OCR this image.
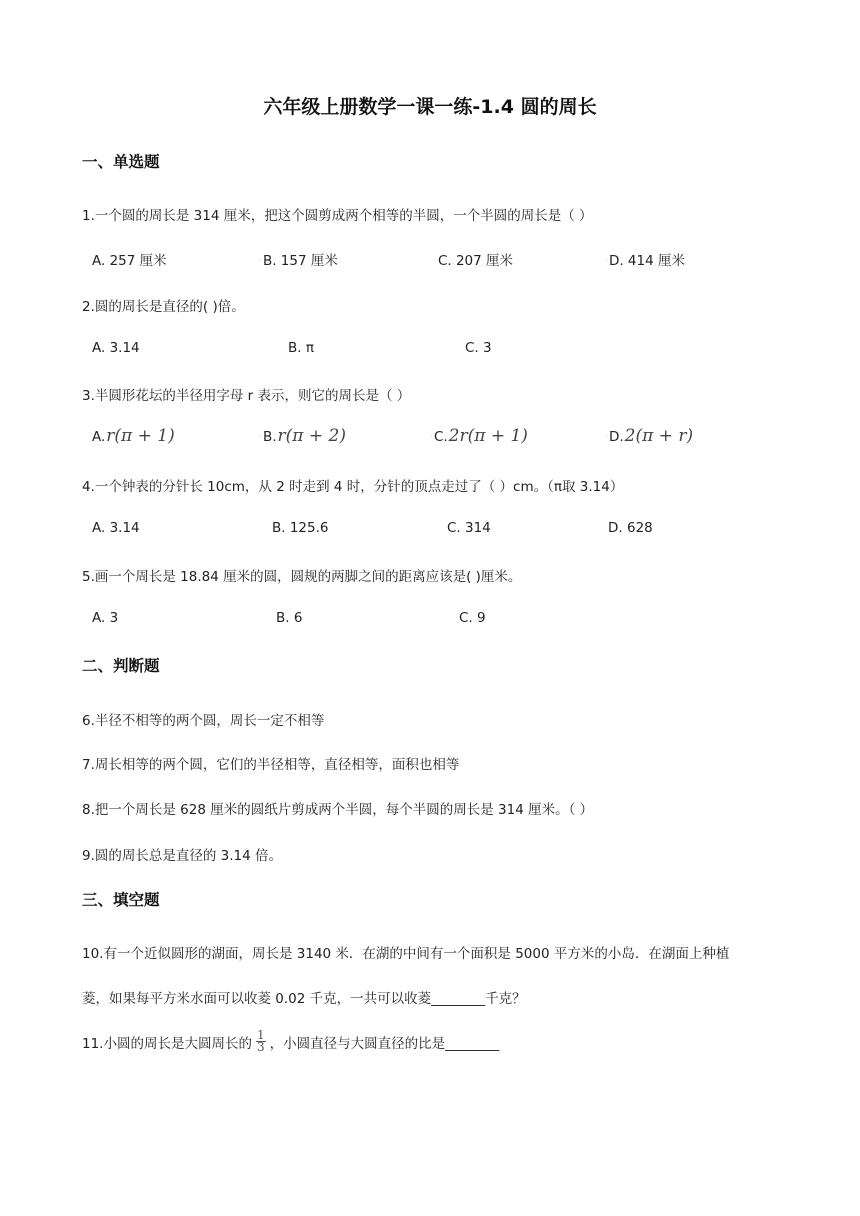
六年级上册数学一课一练-1.4 圆的周长
一、单选题
1.一个圆的周长是 314 厘米，把这个圆剪成两个相等的半圆，一个半圆的周长是（ ）
A. 257 厘米	◦B. 157 厘米	◦C. 207 厘米	◦D. 414 厘米
2.圆的周长是直径的( )倍。
A. 3.14	B. π	C. 3
3.半圆形花坛的半径用字母 r 表示，则它的周长是（ ）
A.r(π + 1)	◦B.r(π + 2)	◦C.2r(π + 1)	◦D.2(π + r)
4.一个钟表的分针长 10cm，从 2 时走到 4 时，分针的顶点走过了（ ）cm。（π取 3.14）
A. 3.14	B. 125.6	C. 314	D. 628
5.画一个周长是 18.84 厘米的圆，圆规的两脚之间的距离应该是( )厘米。
A. 3	B. 6	C. 9
二、判断题
6.半径不相等的两个圆，周长一定不相等
7.周长相等的两个圆，它们的半径相等，直径相等，面积也相等
8.把一个周长是 628 厘米的圆纸片剪成两个半圆，每个半圆的周长是 314 厘米。（ ）
9.圆的周长总是直径的 3.14 倍。
三、填空题
10.有一个近似圆形的湖面，周长是 3140 米．在湖的中间有一个面积是 5000 平方米的小岛．在湖面上种植
菱，如果每平方米水面可以收菱 0.02 千克，一共可以收菱________千克？
11.小圆的周长是大圆周长的 $\frac{1}{3}$ ，小圆直径与大圆直径的比是________
